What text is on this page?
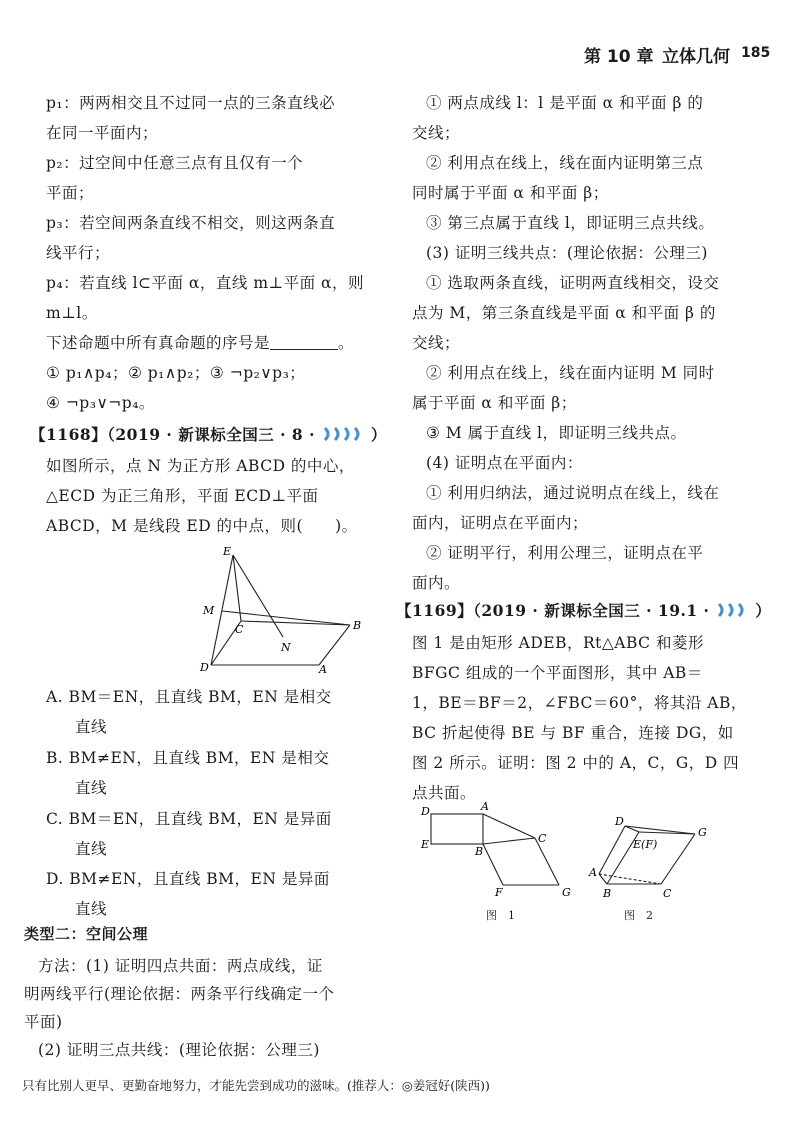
第 10 章 立体几何 185
p₁：两两相交且不过同一点的三条直线必
在同一平面内；
p₂：过空间中任意三点有且仅有一个
平面；
p₃：若空间两条直线不相交，则这两条直
线平行；
p₄：若直线 l⊂平面 α，直线 m⊥平面 α，则
m⊥l。
下述命题中所有真命题的序号是	。
① p₁∧p₄；② p₁∧p₂；③ ¬p₂∨p₃；
④ ¬p₃∨¬p₄。
【1168】（2019 · 新课标全国三 · 8 ·	）
如图所示，点 N 为正方形 ABCD 的中心，
△ECD 为正三角形，平面 ECD⊥平面
ABCD，M 是线段 ED 的中点，则(　　)。
E
M
C	B
N
D	A
A. BM＝EN，且直线 BM，EN 是相交
直线
B. BM≠EN，且直线 BM，EN 是相交
直线
C. BM＝EN，且直线 BM，EN 是异面
直线
D. BM≠EN，且直线 BM，EN 是异面
直线
类型二：空间公理
方法：(1) 证明四点共面：两点成线，证
明两线平行(理论依据：两条平行线确定一个
平面)
(2) 证明三点共线：(理论依据：公理三)
① 两点成线 l：l 是平面 α 和平面 β 的
交线；
② 利用点在线上，线在面内证明第三点
同时属于平面 α 和平面 β；
③ 第三点属于直线 l，即证明三点共线。
(3) 证明三线共点：(理论依据：公理三)
① 选取两条直线，证明两直线相交，设交
点为 M，第三条直线是平面 α 和平面 β 的
交线；
② 利用点在线上，线在面内证明 M 同时
属于平面 α 和平面 β；
③ M 属于直线 l，即证明三线共点。
(4) 证明点在平面内：
① 利用归纳法，通过说明点在线上，线在
面内，证明点在平面内；
② 证明平行，利用公理三，证明点在平
面内。
【1169】（2019 · 新课标全国三 · 19.1 ·	）
图 1 是由矩形 ADEB，Rt△ABC 和菱形
BFGC 组成的一个平面图形，其中 AB＝
1，BE＝BF＝2，∠FBC＝60°，将其沿 AB，
BC 折起使得 BE 与 BF 重合，连接 DG，如
图 2 所示。证明：图 2 中的 A，C，G，D 四
点共面。
D	A
E
B
C
F	G
图　1
D
G
E(F)
A
B	C
图　2
只有比别人更早、更勤奋地努力，才能先尝到成功的滋味。(推荐人：◎姜冠好(陕西))
